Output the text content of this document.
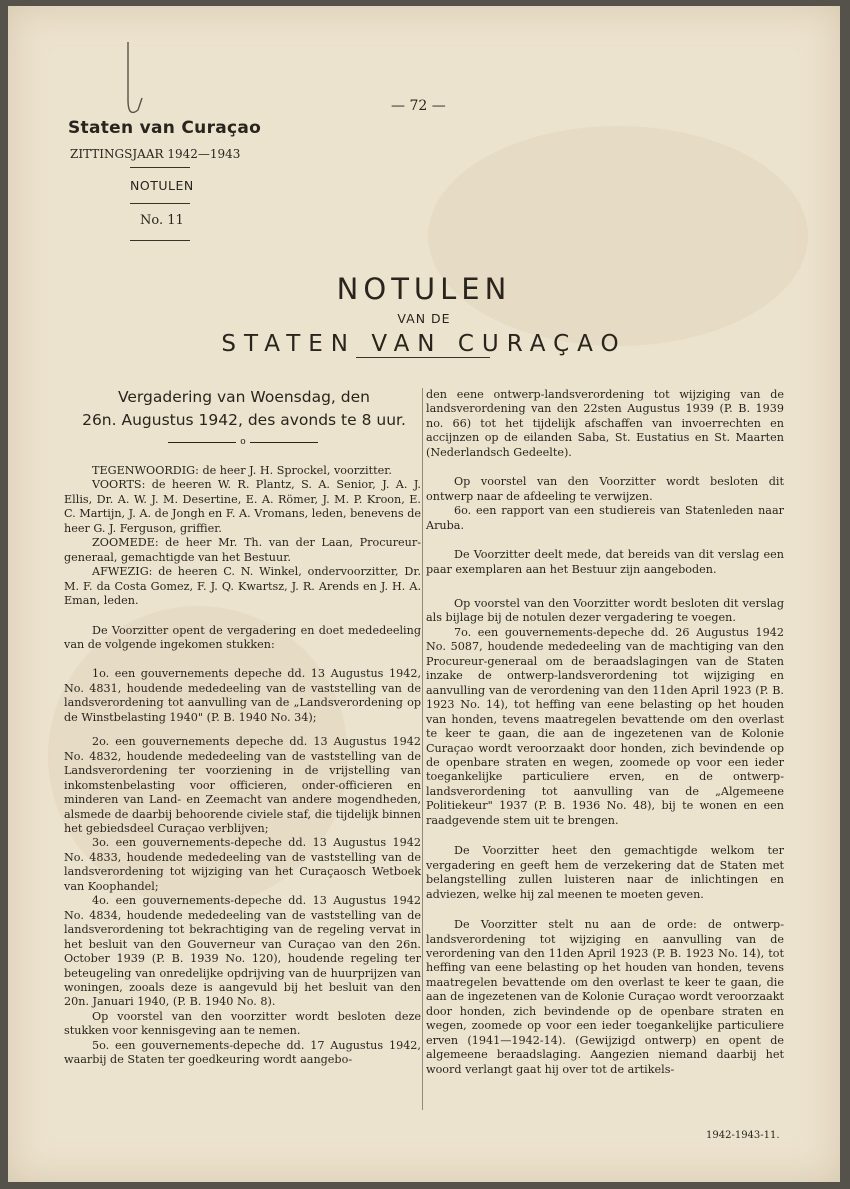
Staten van Curaçao
ZITTINGSJAAR 1942—1943
NOTULEN
No. 11
— 72 —
NOTULEN
VAN DE
STATEN VAN CURAÇAO
Vergadering van Woensdag, den
26n. Augustus 1942, des avonds te 8 uur.
o

TEGENWOORDIG: de heer J. H. Sprockel, voorzitter.

VOORTS: de heeren W. R. Plantz, S. A. Senior, J. A. J. Ellis, Dr. A. W. J. M. Desertine, E. A. Römer, J. M. P. Kroon, E. C. Martijn, J. A. de Jongh en F. A. Vromans, leden, benevens de heer G. J. Ferguson, griffier.

ZOOMEDE: de heer Mr. Th. van der Laan, Procureur-generaal, gemachtigde van het Bestuur.

AFWEZIG: de heeren C. N. Winkel, ondervoorzitter, Dr. M. F. da Costa Gomez, F. J. Q. Kwartsz, J. R. Arends en J. H. A. Eman, leden.

De Voorzitter opent de vergadering en doet mededeeling van de volgende ingekomen stukken:

1o. een gouvernements depeche dd. 13 Augustus 1942, No. 4831, houdende mededeeling van de vaststelling van de landsverordening tot aanvulling van de „Landsverordening op de Winstbelasting 1940" (P. B. 1940 No. 34);

2o. een gouvernements depeche dd. 13 Augustus 1942 No. 4832, houdende mededeeling van de vaststelling van de Landsverordening ter voorziening in de vrijstelling van inkomstenbelasting voor officieren, onder-officieren en minderen van Land- en Zeemacht van andere mogendheden, alsmede de daarbij behoorende civiele staf, die tijdelijk binnen het gebiedsdeel Curaçao verblijven;

3o. een gouvernements-depeche dd. 13 Augustus 1942 No. 4833, houdende mededeeling van de vaststelling van de landsverordening tot wijziging van het Curaçaosch Wetboek van Koophandel;

4o. een gouvernements-depeche dd. 13 Augustus 1942 No. 4834, houdende mededeeling van de vaststelling van de landsverordening tot bekrachtiging van de regeling vervat in het besluit van den Gouverneur van Curaçao van den 26n. October 1939 (P. B. 1939 No. 120), houdende regeling ter beteugeling van onredelijke opdrijving van de huurprijzen van woningen, zooals deze is aangevuld bij het besluit van den 20n. Januari 1940, (P. B. 1940 No. 8).

Op voorstel van den voorzitter wordt besloten deze stukken voor kennisgeving aan te nemen.

5o. een gouvernements-depeche dd. 17 Augustus 1942, waarbij de Staten ter goedkeuring wordt aangebo-

den eene ontwerp-landsverordening tot wijziging van de landsverordening van den 22sten Augustus 1939 (P. B. 1939 no. 66) tot het tijdelijk afschaffen van invoerrechten en accijnzen op de eilanden Saba, St. Eustatius en St. Maarten (Nederlandsch Gedeelte).

Op voorstel van den Voorzitter wordt besloten dit ontwerp naar de afdeeling te verwijzen.

6o. een rapport van een studiereis van Statenleden naar Aruba.

De Voorzitter deelt mede, dat bereids van dit verslag een paar exemplaren aan het Bestuur zijn aangeboden.

Op voorstel van den Voorzitter wordt besloten dit verslag als bijlage bij de notulen dezer vergadering te voegen.

7o. een gouvernements-depeche dd. 26 Augustus 1942 No. 5087, houdende mededeeling van de machtiging van den Procureur-generaal om de beraadslagingen van de Staten inzake de ontwerp-landsverordening tot wijziging en aanvulling van de verordening van den 11den April 1923 (P. B. 1923 No. 14), tot heffing van eene belasting op het houden van honden, tevens maatregelen bevattende om den overlast te keer te gaan, die aan de ingezetenen van de Kolonie Curaçao wordt veroorzaakt door honden, zich bevindende op de openbare straten en wegen, zoomede op voor een ieder toegankelijke particuliere erven, en de ontwerp-landsverordening tot aanvulling van de „Algemeene Politiekeur" 1937 (P. B. 1936 No. 48), bij te wonen en een raadgevende stem uit te brengen.

De Voorzitter heet den gemachtigde welkom ter vergadering en geeft hem de verzekering dat de Staten met belangstelling zullen luisteren naar de inlichtingen en adviezen, welke hij zal meenen te moeten geven.

De Voorzitter stelt nu aan de orde: de ontwerp-landsverordening tot wijziging en aanvulling van de verordening van den 11den April 1923 (P. B. 1923 No. 14), tot heffing van eene belasting op het houden van honden, tevens maatregelen bevattende om den overlast te keer te gaan, die aan de ingezetenen van de Kolonie Curaçao wordt veroorzaakt door honden, zich bevindende op de openbare straten en wegen, zoomede op voor een ieder toegankelijke particuliere erven (1941—1942-14). (Gewijzigd ontwerp) en opent de algemeene beraadslaging. Aangezien niemand daarbij het woord verlangt gaat hij over tot de artikels-

1942-1943-11.
